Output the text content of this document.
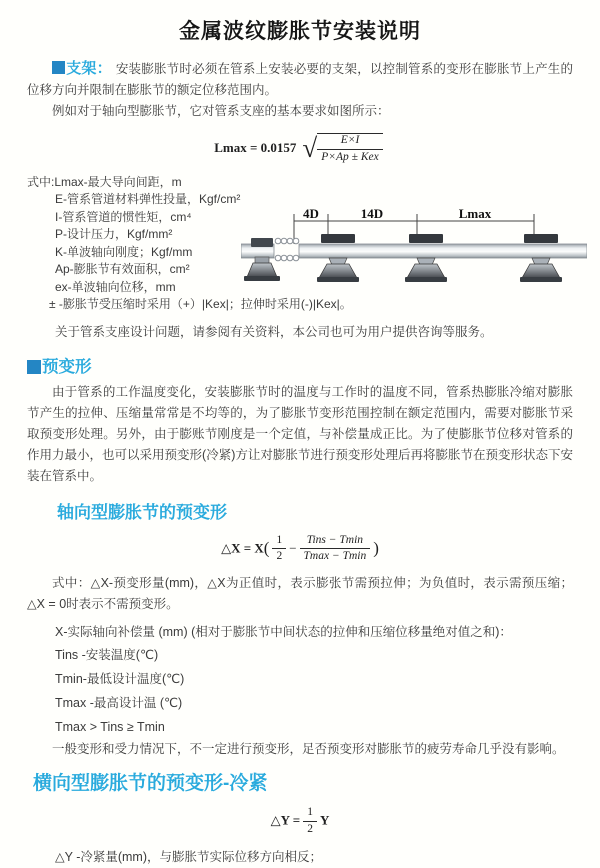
金属波纹膨胀节安装说明

支架： 安装膨胀节时必须在管系上安装必要的支架，以控制管系的变形在膨胀节上产生的位移方向并限制在膨胀节的额定位移范围内。

例如对于轴向型膨胀节，它对管系支座的基本要求如图所示：

Lmax = 0.0157 √ $\frac{E\times I}{\text{P×Ap ± Kex}}$
式中:Lmax-最大导向间距，m
E-管系管道材料弹性投量，Kgf/cm²
I-管系管道的惯性矩，cm⁴
P-设计压力，Kgf/mm²
K-单波轴向刚度；Kgf/mm
Ap-膨胀节有效面积，cm²
ex-单波轴向位移，mm
± -膨胀节受压缩时采用（+）|Kex|；拉伸时采用(-)|Kex|。
4D	14D	Lmax
关于管系支座设计问题，请参阅有关资料，本公司也可为用户提供咨询等服务。
预变形

由于管系的工作温度变化，安装膨胀节时的温度与工作时的温度不同，管系热膨胀冷缩对膨胀节产生的拉伸、压缩量常常是不均等的，为了膨胀节变形范围控制在额定范围内，需要对膨胀节采取预变形处理。另外，由于膨账节刚度是一个定值，与补偿量成正比。为了使膨胀节位移对管系的作用力最小，也可以采用预变形(冷紧)方让对膨胀节进行预变形处理后再将膨胀节在预变形状态下安装在管系中。

轴向型膨胀节的预变形
△X = $X( \frac{1}{2} - \frac{\text{Tins − Tmin}}{Tmax - Tmin}$ )

式中：△X-预变形量(mm)，△X为正值时，表示膨张节需预拉伸；为负值时，表示需预压缩；△X = 0时表示不需预变形。

X-实际轴向补偿量 (mm) (相对于膨胀节中间状态的拉伸和压缩位移量绝对值之和)：
Tins -安装温度(℃)
Tmin-最低设计温度(℃)
Tmax -最高设计温 (℃)
Tmax > Tins ≥ Tmin

一般变形和受力情况下，不一定进行预变形，足否预变形对膨胀节的疲劳寿命几乎没有影响。

横向型膨胀节的预变形-冷紧
△Y = $\frac{1}{2}$ Y
△Y -冷紧量(mm)，与膨胀节实际位移方向相反；
